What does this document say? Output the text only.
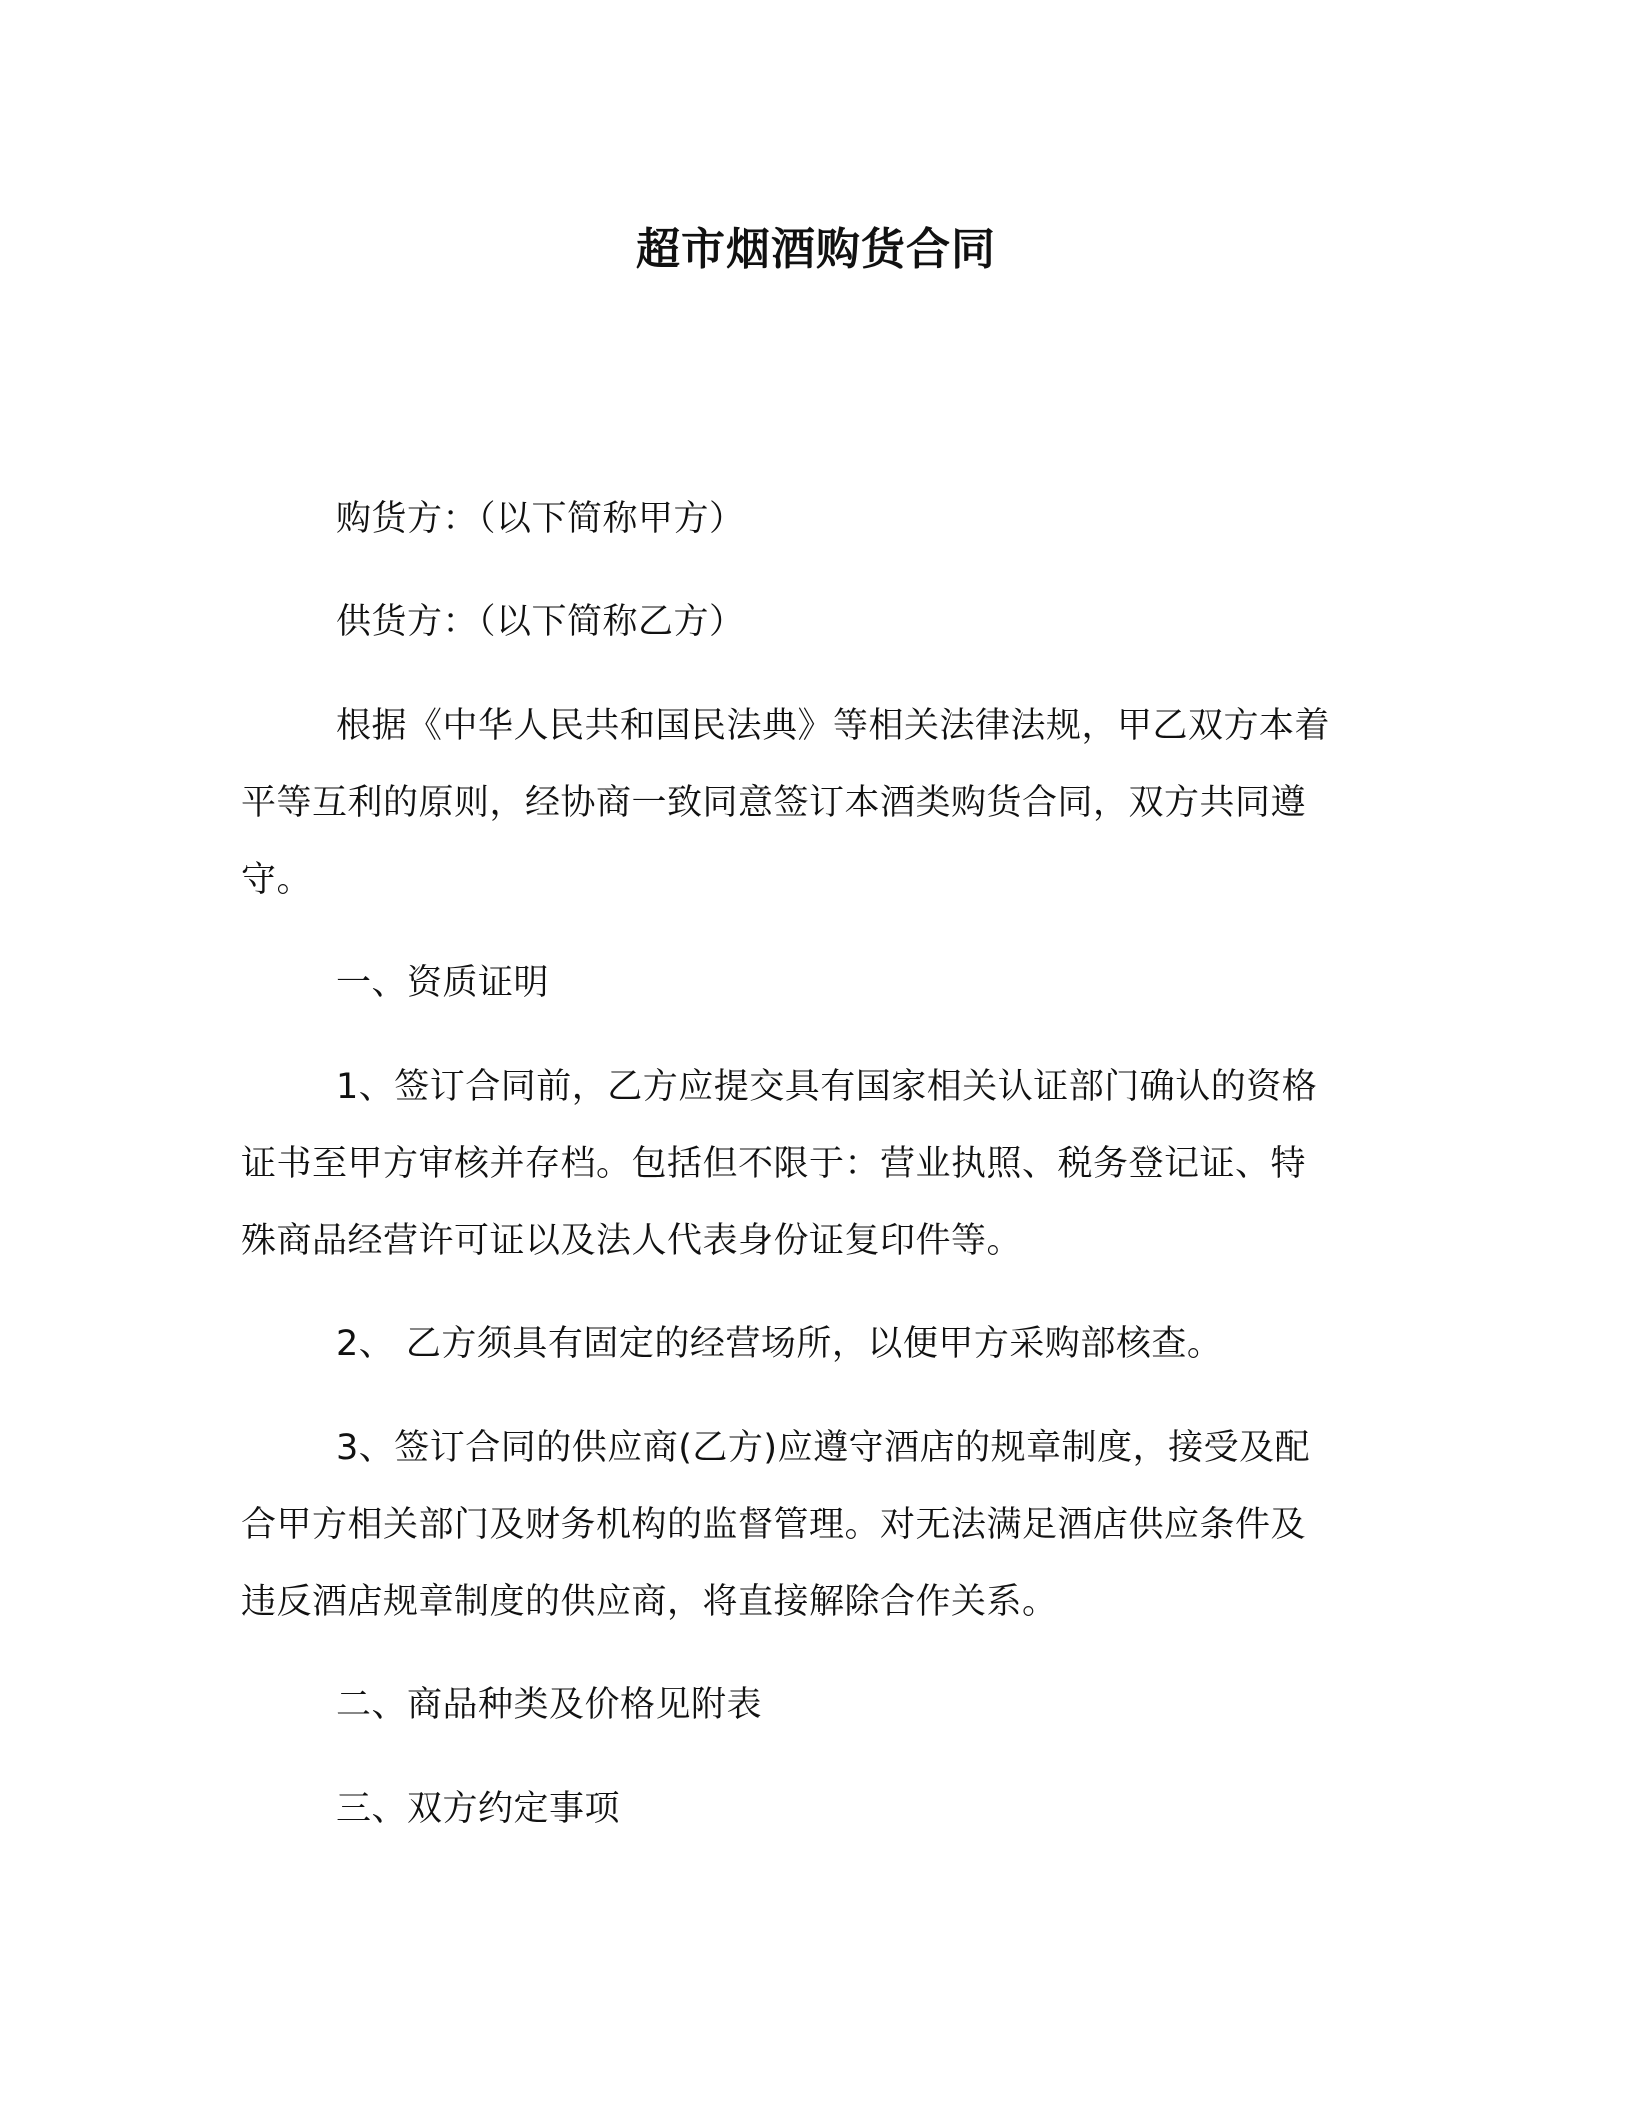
超市烟酒购货合同
购货方：（以下简称甲方）
供货方：（以下简称乙方）
根据《中华人民共和国民法典》等相关法律法规，甲乙双方本着
平等互利的原则，经协商一致同意签订本酒类购货合同，双方共同遵
守。
一、资质证明
1、签订合同前，乙方应提交具有国家相关认证部门确认的资格
证书至甲方审核并存档。包括但不限于：营业执照、税务登记证、特
殊商品经营许可证以及法人代表身份证复印件等。
2、 乙方须具有固定的经营场所，以便甲方采购部核查。
3、签订合同的供应商(乙方)应遵守酒店的规章制度，接受及配
合甲方相关部门及财务机构的监督管理。对无法满足酒店供应条件及
违反酒店规章制度的供应商，将直接解除合作关系。
二、商品种类及价格见附表
三、双方约定事项
